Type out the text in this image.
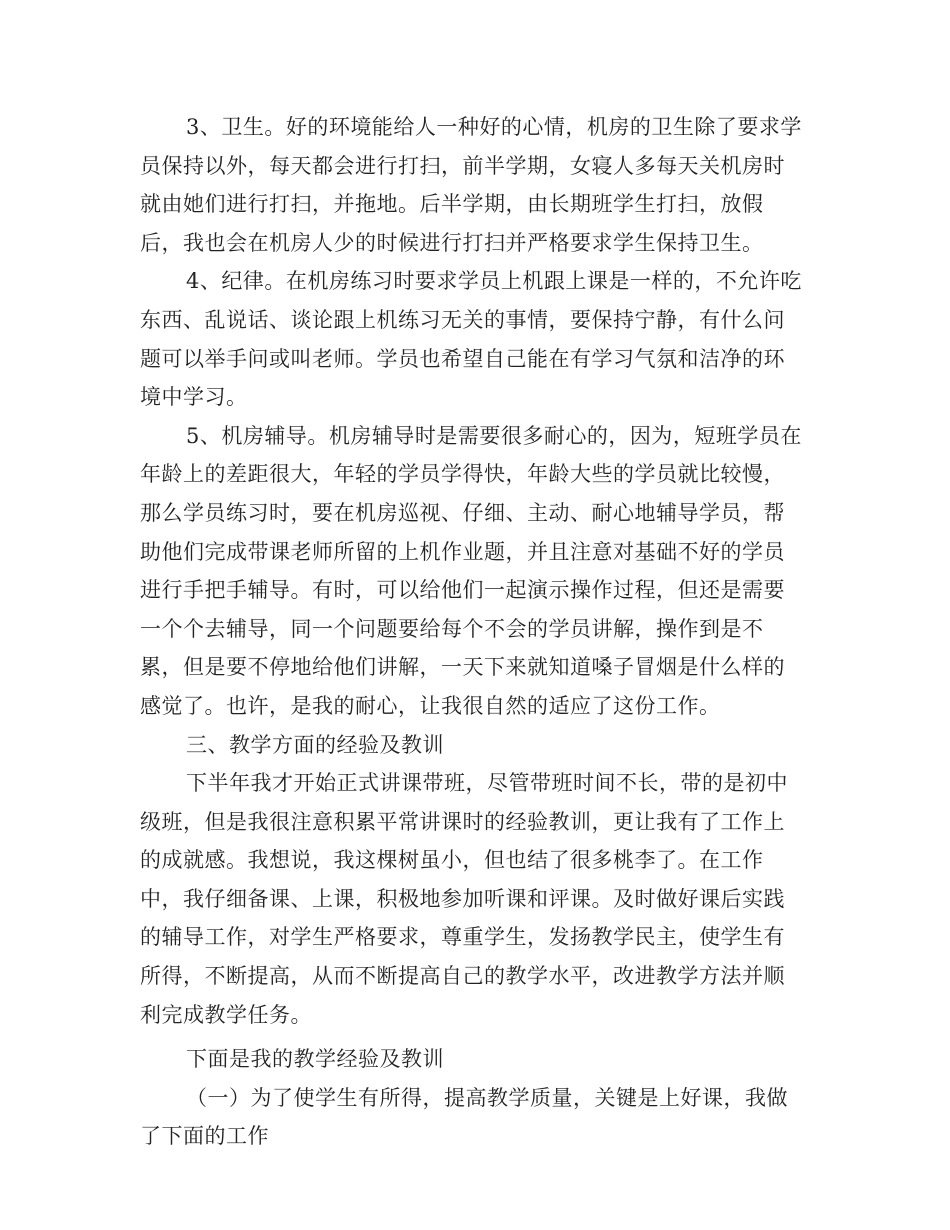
3、卫生。好的环境能给人一种好的心情，机房的卫生除了要求学
员保持以外，每天都会进行打扫，前半学期，女寝人多每天关机房时
就由她们进行打扫，并拖地。后半学期，由长期班学生打扫，放假
后，我也会在机房人少的时候进行打扫并严格要求学生保持卫生。
4、纪律。在机房练习时要求学员上机跟上课是一样的，不允许吃
东西、乱说话、谈论跟上机练习无关的事情，要保持宁静，有什么问
题可以举手问或叫老师。学员也希望自己能在有学习气氛和洁净的环
境中学习。
5、机房辅导。机房辅导时是需要很多耐心的，因为，短班学员在
年龄上的差距很大，年轻的学员学得快，年龄大些的学员就比较慢，
那么学员练习时，要在机房巡视、仔细、主动、耐心地辅导学员，帮
助他们完成带课老师所留的上机作业题，并且注意对基础不好的学员
进行手把手辅导。有时，可以给他们一起演示操作过程，但还是需要
一个个去辅导，同一个问题要给每个不会的学员讲解，操作到是不
累，但是要不停地给他们讲解，一天下来就知道嗓子冒烟是什么样的
感觉了。也许，是我的耐心，让我很自然的适应了这份工作。
三、教学方面的经验及教训
下半年我才开始正式讲课带班，尽管带班时间不长，带的是初中
级班，但是我很注意积累平常讲课时的经验教训，更让我有了工作上
的成就感。我想说，我这棵树虽小，但也结了很多桃李了。在工作
中，我仔细备课、上课，积极地参加听课和评课。及时做好课后实践
的辅导工作，对学生严格要求，尊重学生，发扬教学民主，使学生有
所得，不断提高，从而不断提高自己的教学水平，改进教学方法并顺
利完成教学任务。
下面是我的教学经验及教训
（一）为了使学生有所得，提高教学质量，关键是上好课，我做
了下面的工作
